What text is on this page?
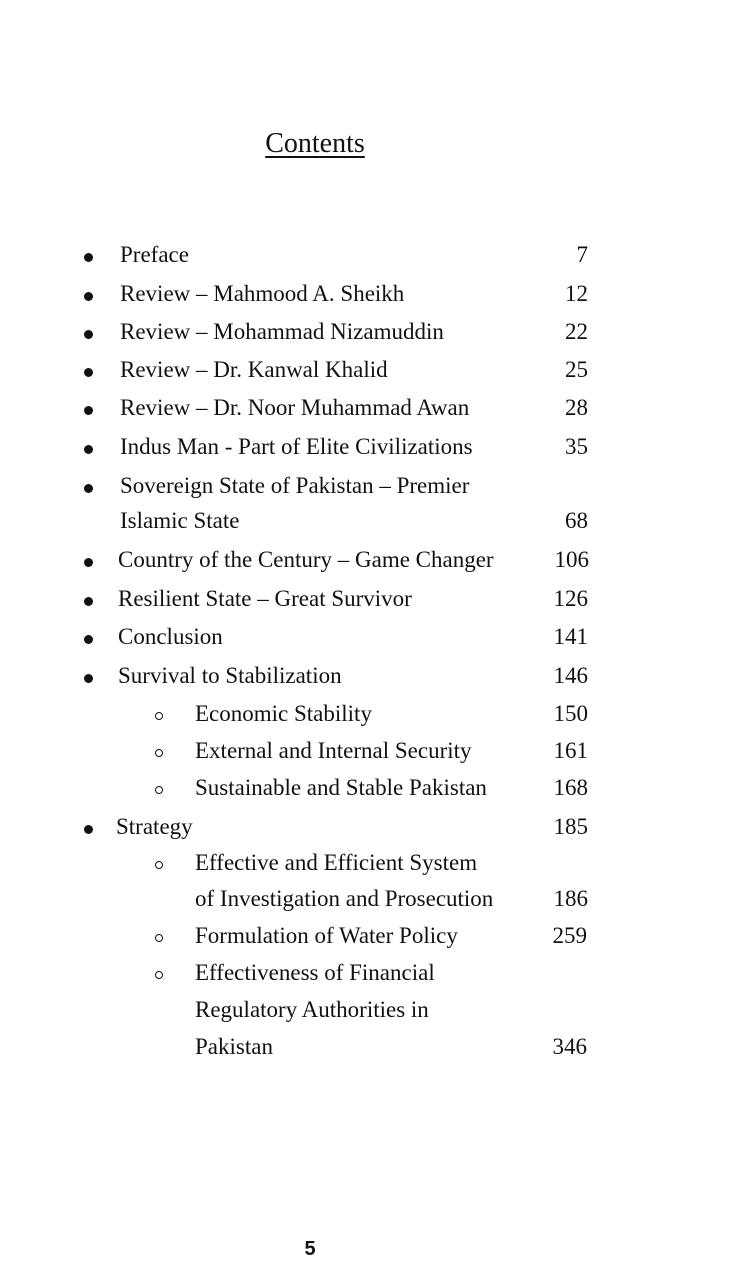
Contents
Preface	7
Review – Mahmood A. Sheikh	12
Review – Mohammad Nizamuddin	22
Review – Dr. Kanwal Khalid	25
Review – Dr. Noor Muhammad Awan	28
Indus Man - Part of Elite Civilizations	35
Sovereign State of Pakistan – Premier
Islamic State	68
Country of the Century – Game Changer	106
Resilient State – Great Survivor	126
Conclusion	141
Survival to Stabilization	146
Economic Stability	150
External and Internal Security	161
Sustainable and Stable Pakistan	168
Strategy	185
Effective and Efficient System
of Investigation and Prosecution	186
Formulation of Water Policy	259
Effectiveness of Financial
Regulatory Authorities in
Pakistan	346
5
